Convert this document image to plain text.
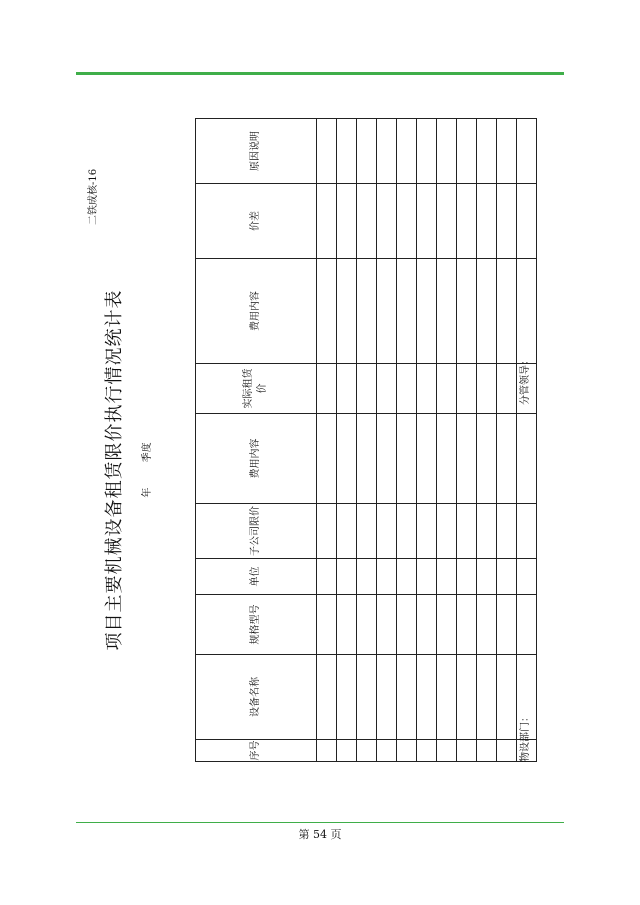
二铁成核-16
项目主要机械设备租赁限价执行情况统计表	年 季度
序号	设备名称	规格型号	单位	子公司限价	费用内容	实际租赁价	费用内容	价差	原因说明

物设部门：
分管领导：
第 54 页
